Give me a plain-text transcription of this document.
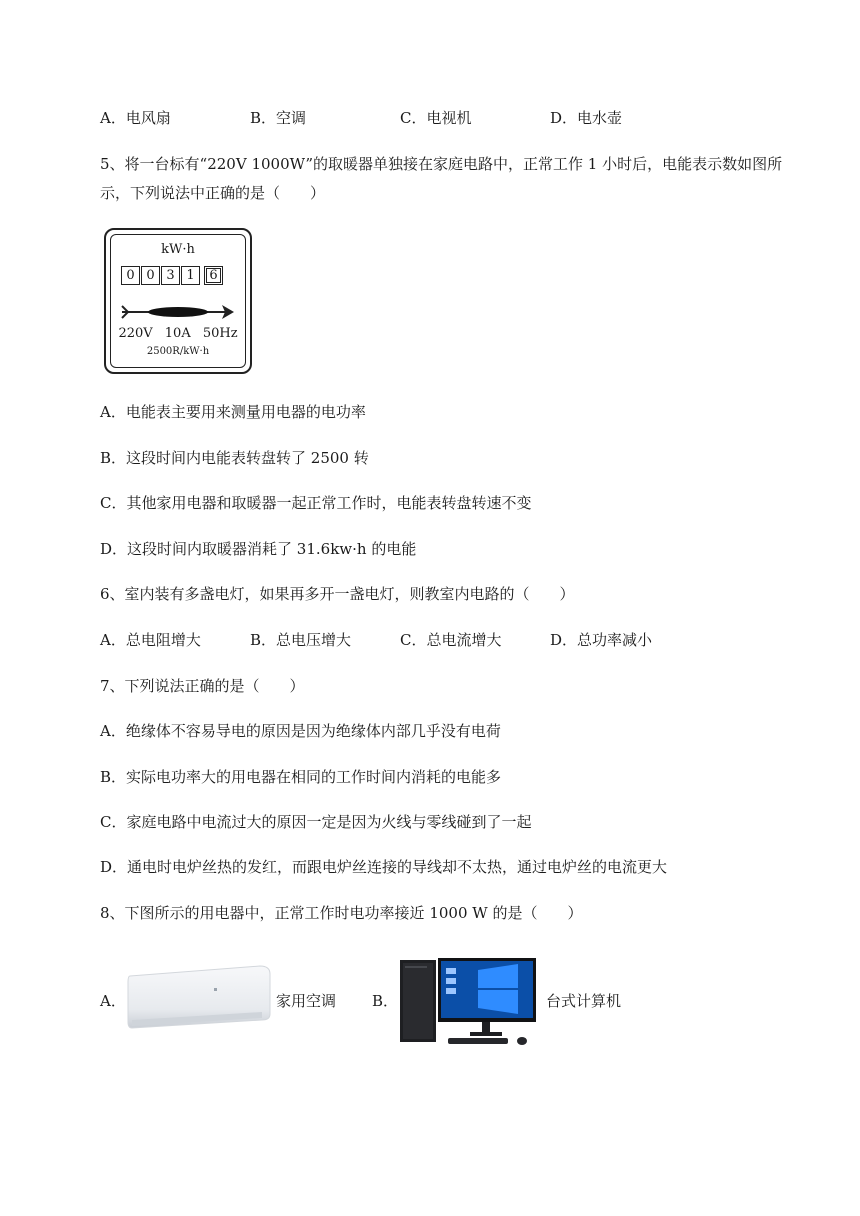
A．电风扇	B．空调	C．电视机	D．电水壶
5、将一台标有“220V 1000W”的取暖器单独接在家庭电路中，正常工作 1 小时后，电能表示数如图所
示，下列说法中正确的是（　　）
kW·h
0 0 3 1	6
220V 10A 50Hz
2500R/kW·h
A．电能表主要用来测量用电器的电功率
B．这段时间内电能表转盘转了 2500 转
C．其他家用电器和取暖器一起正常工作时，电能表转盘转速不变
D．这段时间内取暖器消耗了 31.6kw·h 的电能
6、室内装有多盏电灯，如果再多开一盏电灯，则教室内电路的（　　）
A．总电阻增大	B．总电压增大	C．总电流增大	D．总功率减小
7、下列说法正确的是（　　）
A．绝缘体不容易导电的原因是因为绝缘体内部几乎没有电荷
B．实际电功率大的用电器在相同的工作时间内消耗的电能多
C．家庭电路中电流过大的原因一定是因为火线与零线碰到了一起
D．通电时电炉丝热的发红，而跟电炉丝连接的导线却不太热，通过电炉丝的电流更大
8、下图所示的用电器中，正常工作时电功率接近 1000 W 的是（　　）
A．	家用空调 B．	台式计算机
